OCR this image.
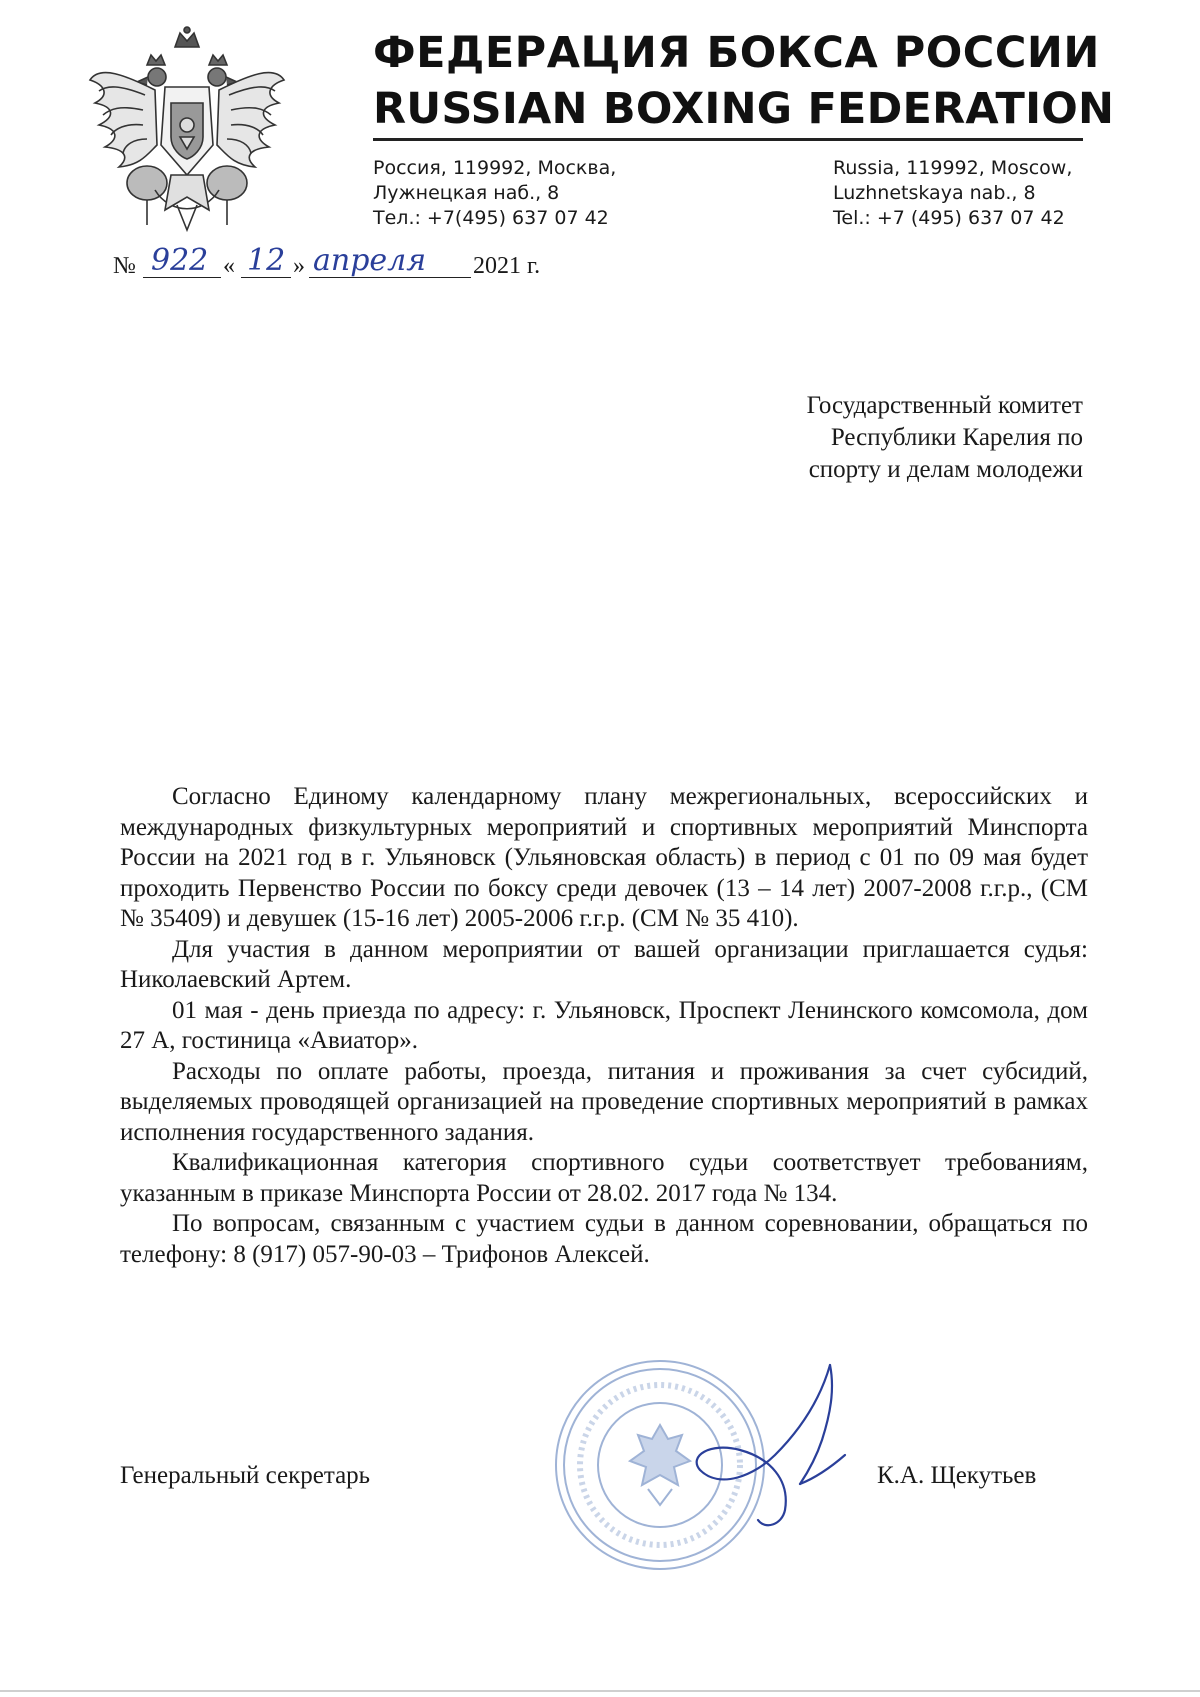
ФЕДЕРАЦИЯ БОКСА РОССИИ
RUSSIAN BOXING FEDERATION
Россия, 119992, Москва,
Лужнецкая наб., 8
Тел.: +7(495) 637 07 42
Russia, 119992, Moscow,
Luzhnetskaya nab., 8
Tel.: +7 (495) 637 07 42
№ 922 « 12 » апреля 2021 г.
Государственный комитет
Республики Карелия по
спорту и делам молодежи

Согласно Единому календарному плану межрегиональных, всероссийских и международных физкультурных мероприятий и спортивных мероприятий Минспорта России на 2021 год в г. Ульяновск (Ульяновская область) в период с 01 по 09 мая будет проходить Первенство России по боксу среди девочек (13 – 14 лет) 2007-2008 г.г.р., (СМ № 35409) и девушек (15-16 лет) 2005-2006 г.г.р. (СМ № 35 410).

Для участия в данном мероприятии от вашей организации приглашается судья: Николаевский Артем.

01 мая - день приезда по адресу: г. Ульяновск, Проспект Ленинского комсомола, дом 27 А, гостиница «Авиатор».

Расходы по оплате работы, проезда, питания и проживания за счет субсидий, выделяемых проводящей организацией на проведение спортивных мероприятий в рамках исполнения государственного задания.

Квалификационная категория спортивного судьи соответствует требованиям, указанным в приказе Минспорта России от 28.02. 2017 года № 134.

По вопросам, связанным с участием судьи в данном соревновании, обращаться по телефону: 8 (917) 057-90-03 – Трифонов Алексей.

Генеральный секретарь	К.А. Щекутьев
